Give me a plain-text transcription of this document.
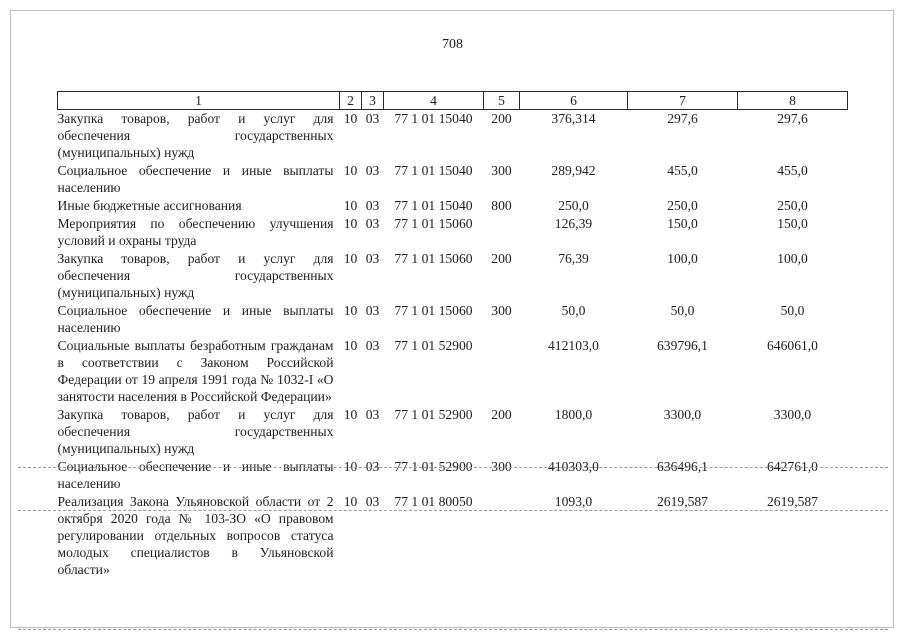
708
1	2	3	4	5	6	7	8
Закупка товаров, работ и услуг для обеспечения государственных (муниципальных) нужд	10	03	77 1 01 15040	200	376,314	297,6	297,6
Социальное обеспечение и иные выплаты населению	10	03	77 1 01 15040	300	289,942	455,0	455,0
Иные бюджетные ассигнования	10	03	77 1 01 15040	800	250,0	250,0	250,0
Мероприятия по обеспечению улучшения условий и охраны труда	10	03	77 1 01 15060		126,39	150,0	150,0
Закупка товаров, работ и услуг для обеспечения государственных (муниципальных) нужд	10	03	77 1 01 15060	200	76,39	100,0	100,0
Социальное обеспечение и иные выплаты населению	10	03	77 1 01 15060	300	50,0	50,0	50,0
Социальные выплаты безработным гражданам в соответствии с Законом Российской Федерации от 19 апреля 1991 года № 1032-I «О занятости населения в Российской Федерации»	10	03	77 1 01 52900		412103,0	639796,1	646061,0
Закупка товаров, работ и услуг для обеспечения государственных (муниципальных) нужд	10	03	77 1 01 52900	200	1800,0	3300,0	3300,0
Социальное обеспечение и иные выплаты населению	10	03	77 1 01 52900	300	410303,0	636496,1	642761,0
Реализация Закона Ульяновской области от 2 октября 2020 года № 103-ЗО «О правовом регулировании отдельных вопросов статуса молодых специалистов в Ульяновской области»	10	03	77 1 01 80050		1093,0	2619,587	2619,587
